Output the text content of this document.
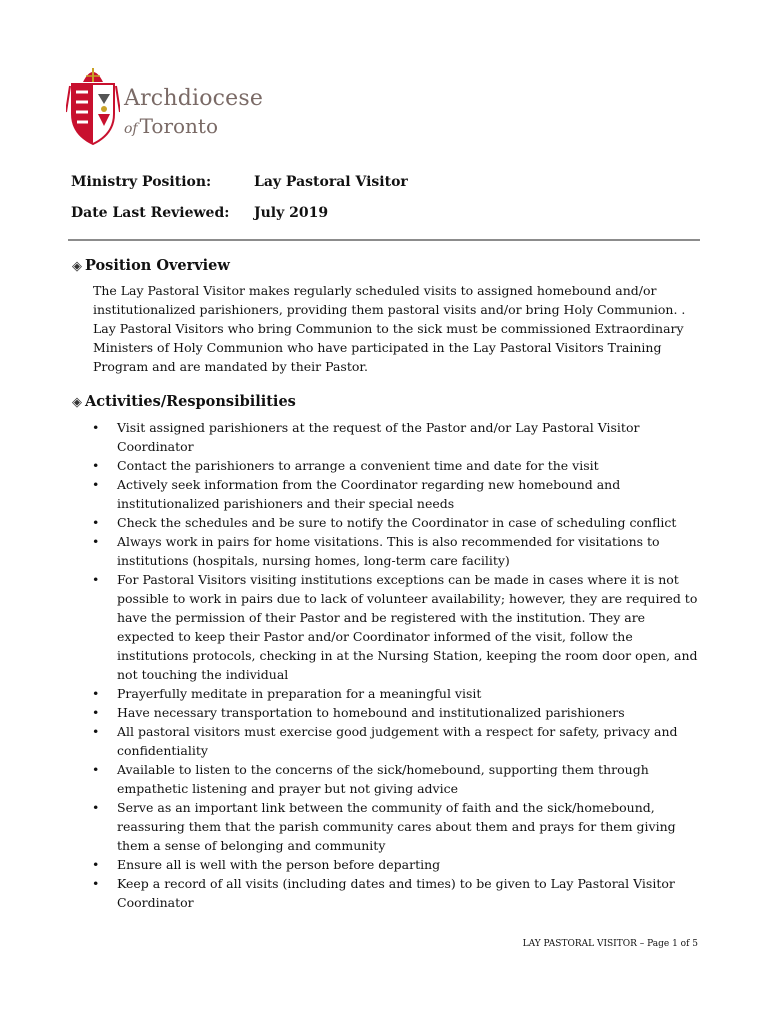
Archdiocese
of Toronto
Ministry Position:	Lay Pastoral Visitor
Date Last Reviewed: July 2019
◈ Position Overview

The Lay Pastoral Visitor makes regularly scheduled visits to assigned homebound and/or institutionalized parishioners, providing them pastoral visits and/or bring Holy Communion. . Lay Pastoral Visitors who bring Communion to the sick must be commissioned Extraordinary Ministers of Holy Communion who have participated in the Lay Pastoral Visitors Training Program and are mandated by their Pastor.

◈ Activities/Responsibilities
• Visit assigned parishioners at the request of the Pastor and/or Lay Pastoral Visitor Coordinator
• Contact the parishioners to arrange a convenient time and date for the visit
• Actively seek information from the Coordinator regarding new homebound and institutionalized parishioners and their special needs
• Check the schedules and be sure to notify the Coordinator in case of scheduling conflict
• Always work in pairs for home visitations. This is also recommended for visitations to institutions (hospitals, nursing homes, long-term care facility)
• For Pastoral Visitors visiting institutions exceptions can be made in cases where it is not possible to work in pairs due to lack of volunteer availability; however, they are required to have the permission of their Pastor and be registered with the institution. They are expected to keep their Pastor and/or Coordinator informed of the visit, follow the institutions protocols, checking in at the Nursing Station, keeping the room door open, and not touching the individual
• Prayerfully meditate in preparation for a meaningful visit
• Have necessary transportation to homebound and institutionalized parishioners
• All pastoral visitors must exercise good judgement with a respect for safety, privacy and confidentiality
• Available to listen to the concerns of the sick/homebound, supporting them through empathetic listening and prayer but not giving advice
• Serve as an important link between the community of faith and the sick/homebound, reassuring them that the parish community cares about them and prays for them giving them a sense of belonging and community
• Ensure all is well with the person before departing
• Keep a record of all visits (including dates and times) to be given to Lay Pastoral Visitor Coordinator
LAY PASTORAL VISITOR – Page 1 of 5
